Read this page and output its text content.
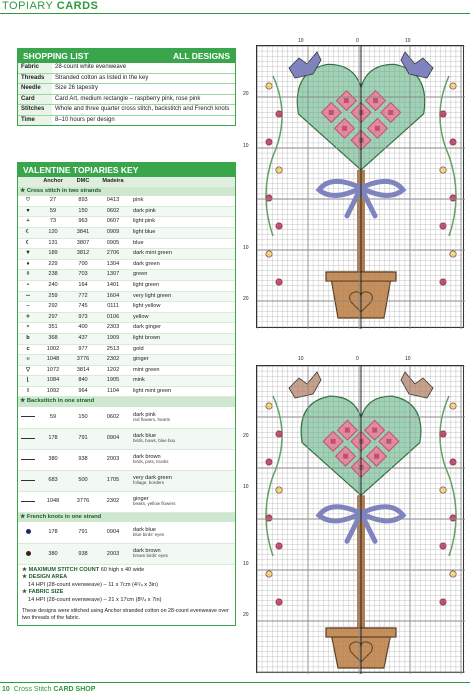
TOPIARY CARDS
SHOPPING LIST	ALL DESIGNS
Fabric	28-count white evenweave
Threads	Stranded cotton as listed in the key
Needle	Size 26 tapestry
Card	Card Art, medium rectangle – raspberry pink, rose pink
Stitches	Whole and three quarter cross stitch, backstitch and French knots
Time	8–10 hours per design
VALENTINE TOPIARIES KEY
	Anchor	DMC	Madeira	
★ Cross stitch in two strands				
♡	27	893	0413	pink
♥	59	150	0602	dark pink
+	73	963	0607	light pink
☾	120	3841	0909	light blue
☾	131	3807	0905	blue
▼	189	3812	2706	dark mint green
♦	229	700	1304	dark green
◊	238	703	1307	green
•	240	164	1401	light green
∽	259	772	1604	very light green
–	292	745	0111	light yellow
✧	297	973	0106	yellow
◓	351	400	2303	dark ginger
b	368	437	1909	light brown
c	1002	977	2513	gold
℮	1048	3776	2302	ginger
▽	1072	3814	1202	mint green
⌊	1084	840	1905	mink
I	1092	964	1104	light mint green
★ Backstitch in one strand				
	59	150	0602	dark pink
red flowers, hearts

	178	791	0904	dark blue
birds, bows, blue box

	380	938	2003	dark brown
birds, pots, trunks

	683	500	1705	very dark green
foliage, borders

	1048	3776	2302	ginger
beaks, yellow flowers

★ French knots in one strand				
	178	791	0904	dark blue
blue birds' eyes

	380	938	2003	dark brown
brown birds' eyes
★ MAXIMUM STITCH COUNT 60 high x 40 wide
★ DESIGN AREA
14 HPI (28-count evenweave) – 11 x 7cm (4¹/₄ x 3in)
★ FABRIC SIZE
14 HPI (28-count evenweave) – 21 x 17cm (8³/₄ x 7in)
These designs were stitched using Anchor stranded cotton on 28-count evenweave over two threads of the fabric.
10	0	10
20
10
10
20
10	0	10
20
10
10
20
10 Cross Stitch CARD SHOP
